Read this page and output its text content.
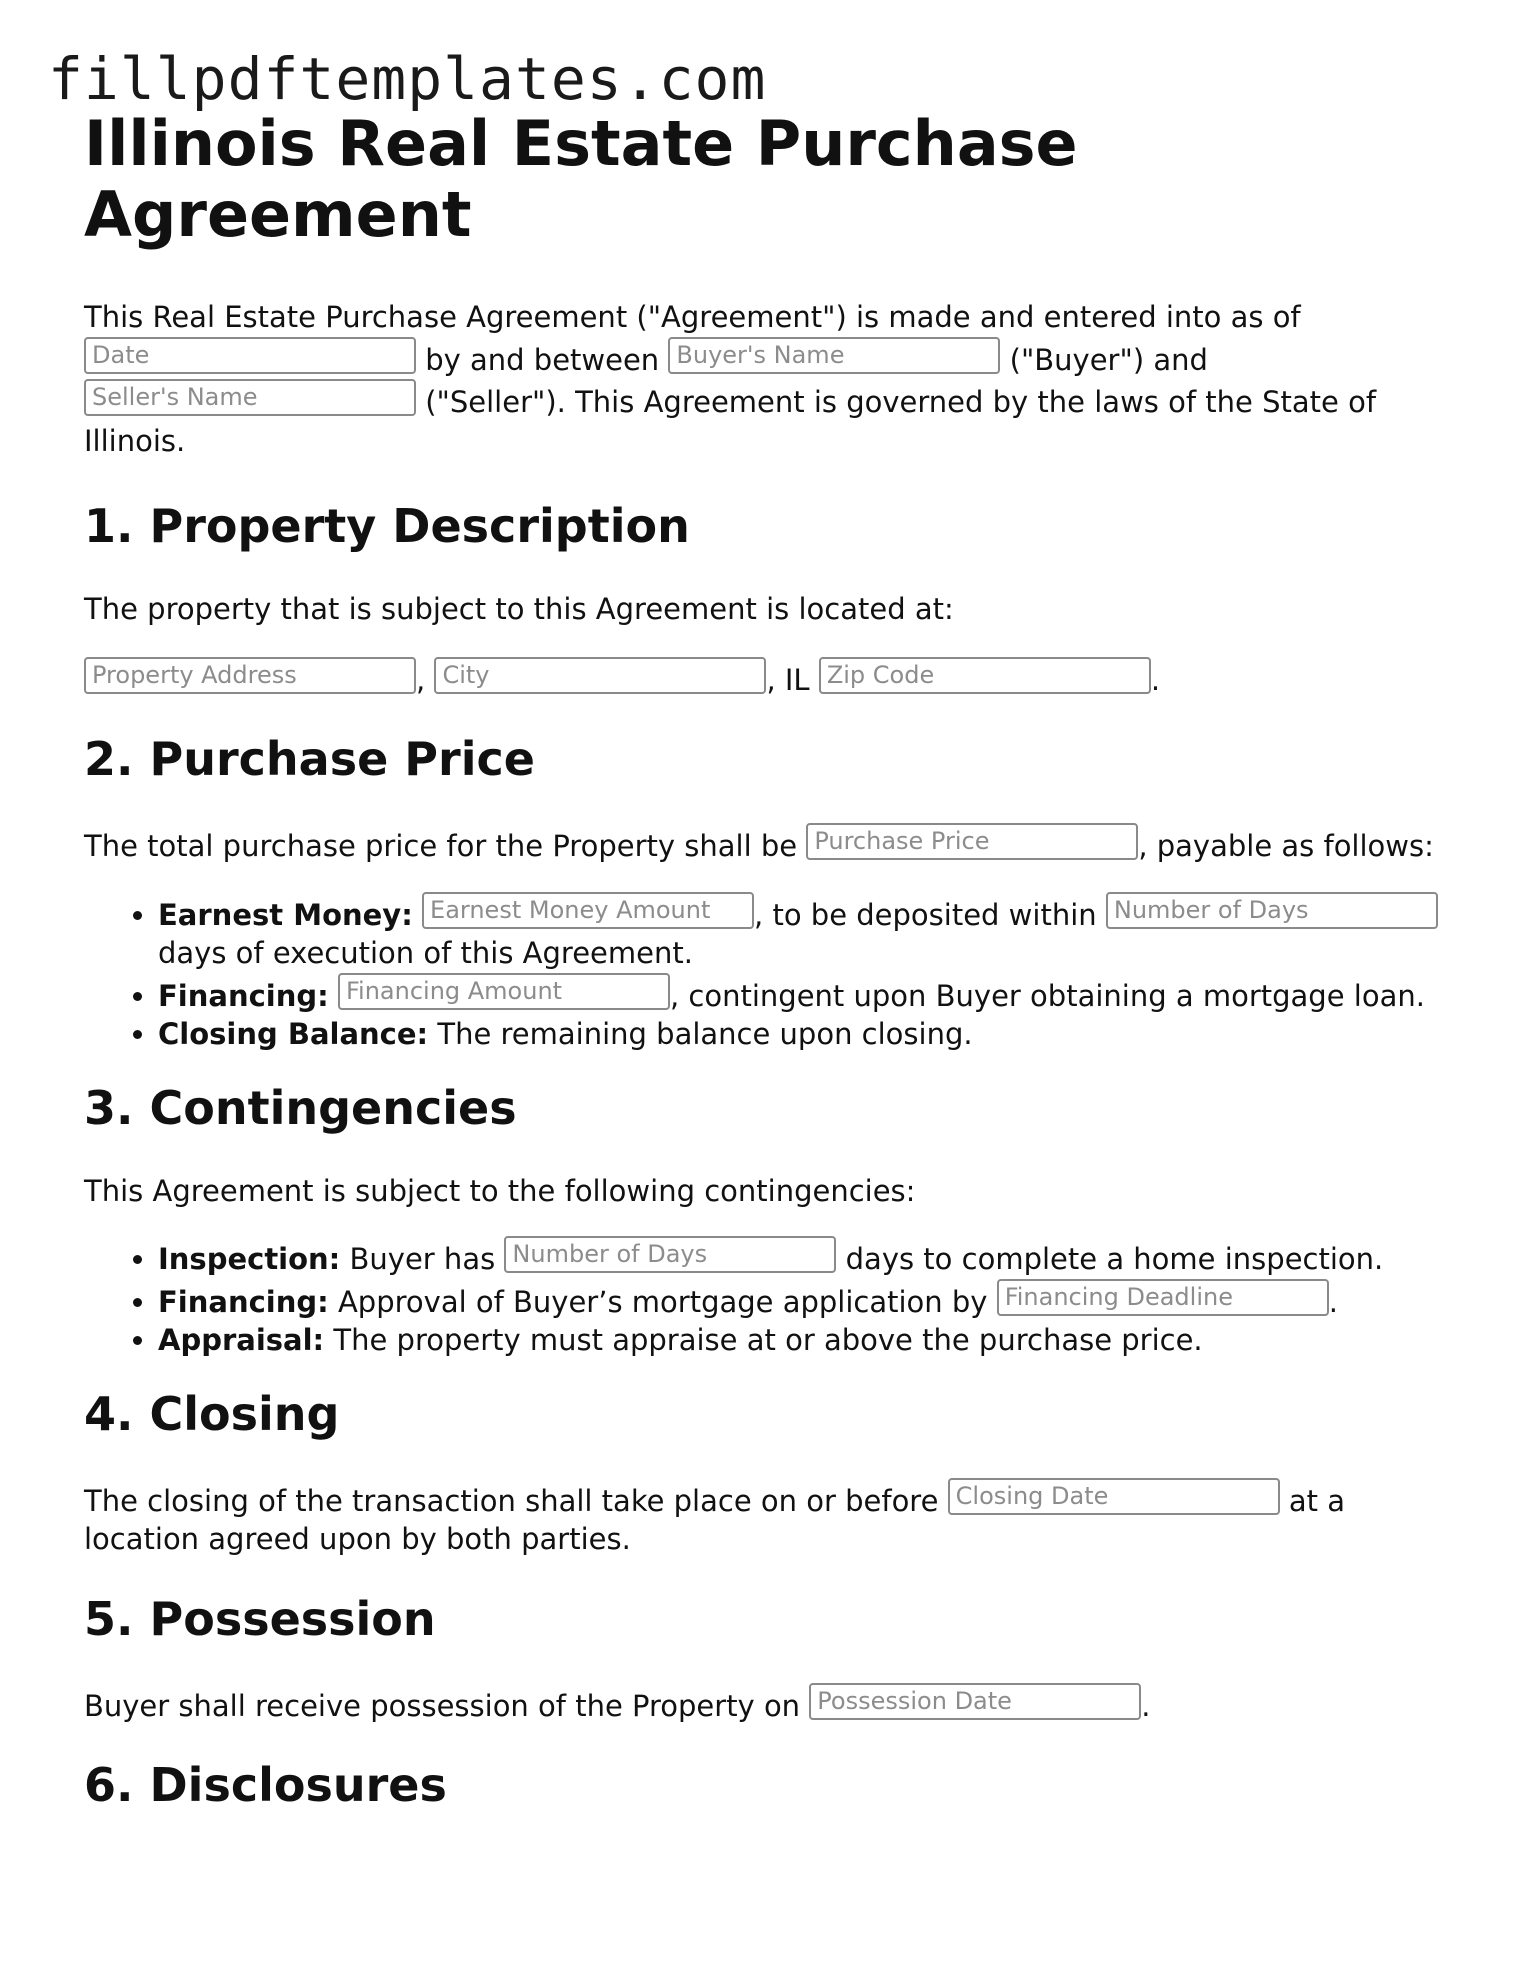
fillpdftemplates.com
Illinois Real Estate Purchase Agreement

This Real Estate Purchase Agreement ("Agreement") is made and entered into as of Date	by and between Buyer's Name	("Buyer") and Seller's Name	("Seller"). This Agreement is governed by the laws of the State of Illinois.

1. Property Description

The property that is subject to this Agreement is located at:

Property Address	, City	, IL Zip Code	.

2. Purchase Price

The total purchase price for the Property shall be Purchase Price	, payable as follows:

• Earnest Money: Earnest Money Amount , to be deposited within Number of Days days of execution of this Agreement.
• Financing: Financing Amount	, contingent upon Buyer obtaining a mortgage loan.
• Closing Balance: The remaining balance upon closing.
3. Contingencies

This Agreement is subject to the following contingencies:

• Inspection: Buyer has Number of Days	days to complete a home inspection.
• Financing: Approval of Buyer’s mortgage application by Financing Deadline	.
• Appraisal: The property must appraise at or above the purchase price.
4. Closing

The closing of the transaction shall take place on or before Closing Date	at a location agreed upon by both parties.

5. Possession

Buyer shall receive possession of the Property on Possession Date	.

6. Disclosures
